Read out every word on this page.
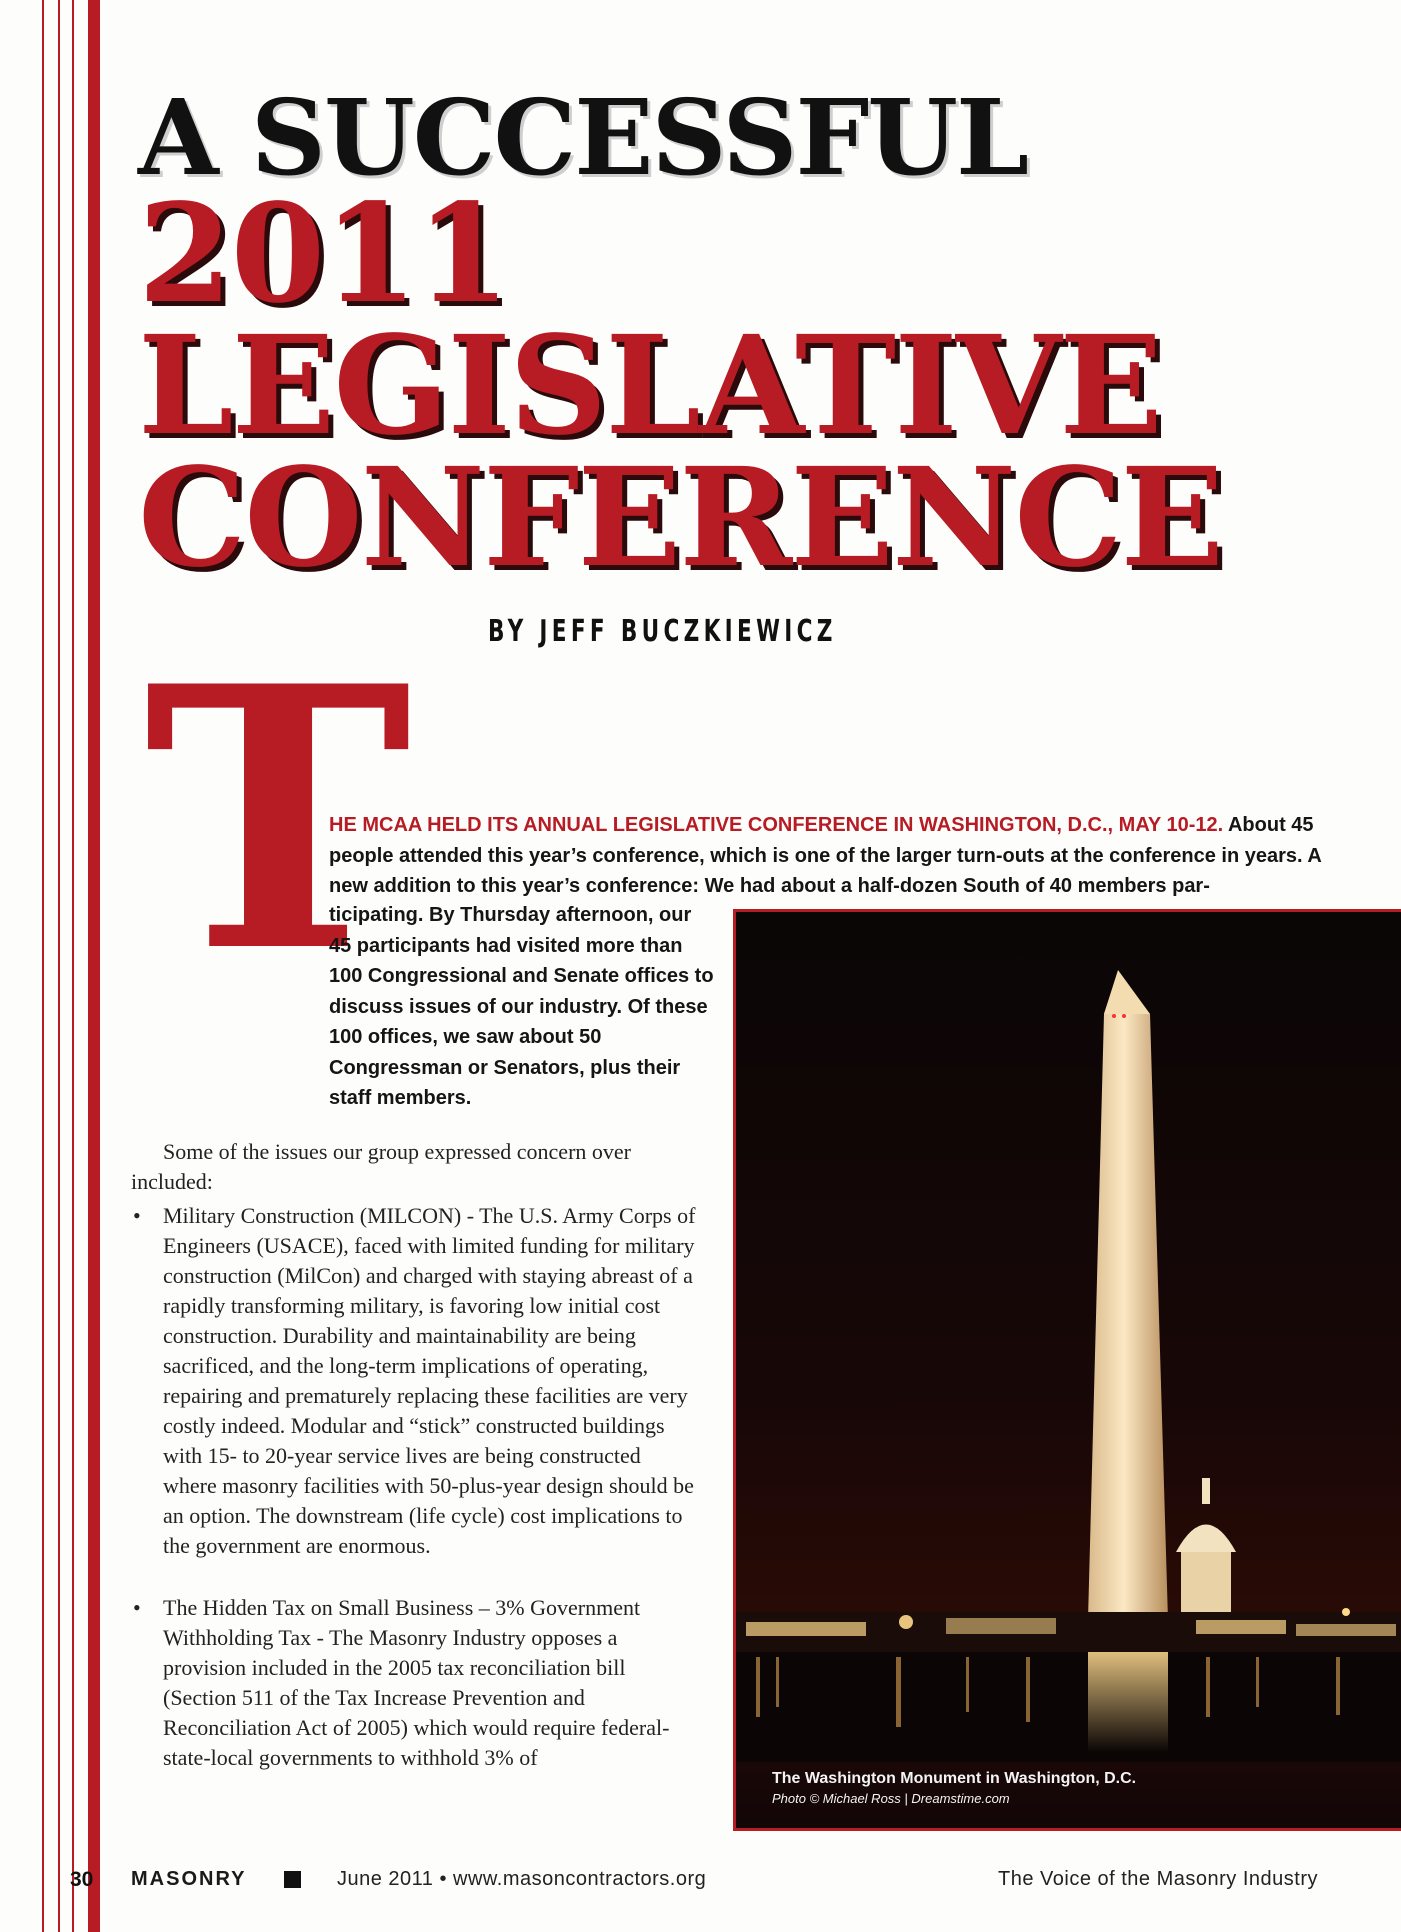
A SUCCESSFUL
2011
LEGISLATIVE
CONFERENCE
BY JEFF BUCZKIEWICZ
T
HE MCAA HELD ITS ANNUAL LEGISLATIVE CONFERENCE IN WASHINGTON, D.C., MAY 10-12. About 45 people attended this year’s conference, which is one of the larger turn-outs at the conference in years. A new addition to this year’s conference: We had about a half-dozen South of 40 members par-
ticipating. By Thursday afternoon, our 45 participants had visited more than 100 Congressional and Senate offices to discuss issues of our industry. Of these 100 offices, we saw about 50 Congressman or Senators, plus their staff members.
The Washington Monument in Washington, D.C.
Photo © Michael Ross | Dreamstime.com

Some of the issues our group expressed concern over included:

• Military Construction (MILCON) - The U.S. Army Corps of Engineers (USACE), faced with limited funding for military construction (MilCon) and charged with staying abreast of a rapidly transforming military, is favoring low initial cost construction. Durability and maintainability are being sacrificed, and the long-term implications of operating, repairing and prematurely replacing these facilities are very costly indeed. Modular and “stick” constructed buildings with 15- to 20-year service lives are being constructed where masonry facilities with 50-plus-year design should be an option. The downstream (life cycle) cost implications to the government are enormous.
• The Hidden Tax on Small Business – 3% Government Withholding Tax - The Masonry Industry opposes a provision included in the 2005 tax reconciliation bill (Section 511 of the Tax Increase Prevention and Reconciliation Act of 2005) which would require federal-state-local governments to withhold 3% of
30 MASONRY	June 2011 • www.masoncontractors.org	The Voice of the Masonry Industry
